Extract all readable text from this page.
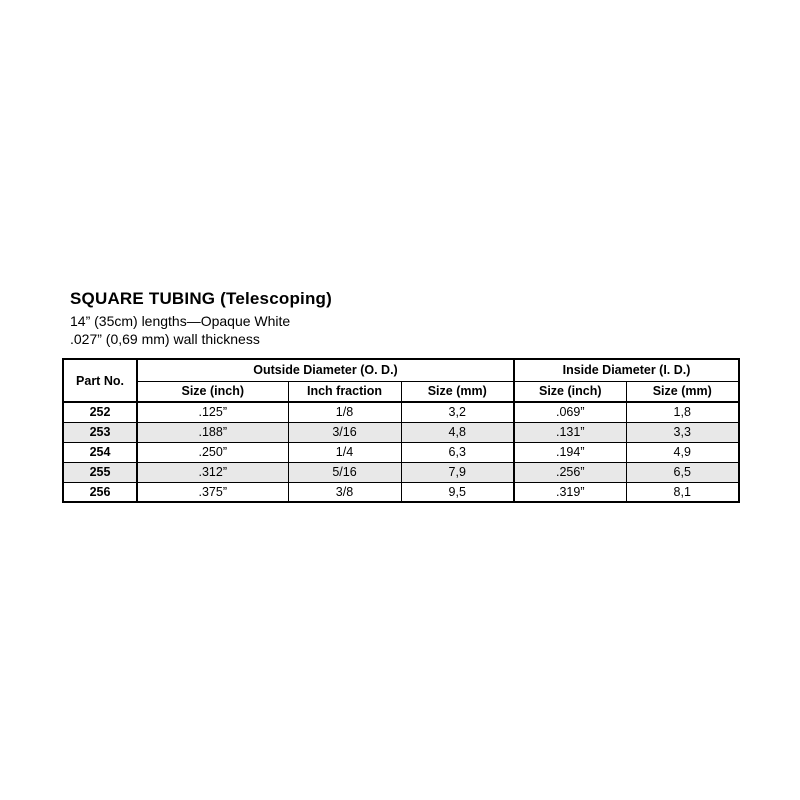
SQUARE TUBING (Telescoping)

14” (35cm) lengths—Opaque White

.027” (0,69 mm) wall thickness

Part No.	Outside Diameter (O. D.)			Inside Diameter (I. D.)	
	Size (inch)	Inch fraction	Size (mm)	Size (inch)	Size (mm)
252	.125”	1/8	3,2	.069”	1,8
253	.188”	3/16	4,8	.131”	3,3
254	.250”	1/4	6,3	.194”	4,9
255	.312”	5/16	7,9	.256”	6,5
256	.375”	3/8	9,5	.319”	8,1
